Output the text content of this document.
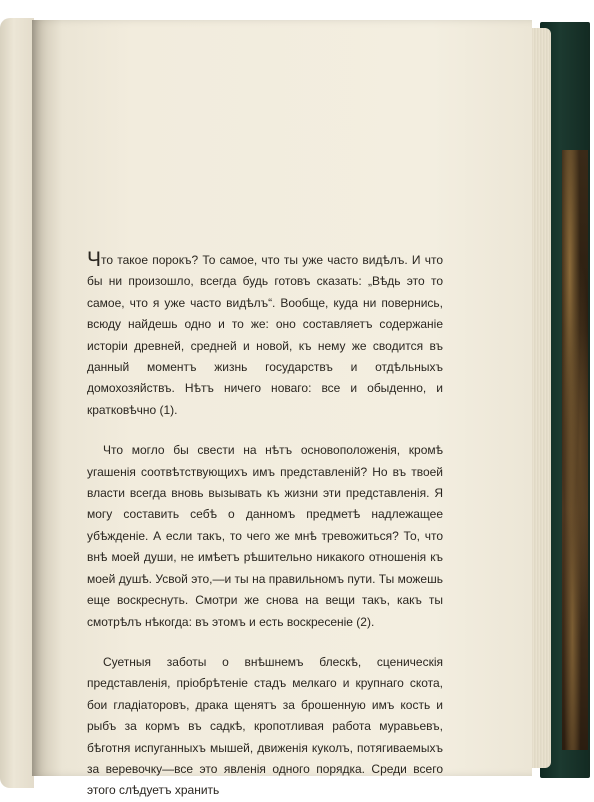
Что такое порокъ? То самое, что ты уже часто видѣлъ. И что бы ни произошло, всегда будь готовъ сказать: „Вѣдь это то самое, что я уже часто видѣлъ“. Вообще, куда ни повернись, всюду найдешь одно и то же: оно составляетъ содержаніе исторіи древней, средней и новой, къ нему же сводится въ данный моментъ жизнь государствъ и отдѣльныхъ домохозяйствъ. Нѣтъ ничего новаго: все и обыденно, и кратковѣчно (1).

Что могло бы свести на нѣтъ основоположенія, кромѣ угашенія соотвѣтствующихъ имъ представленій? Но въ твоей власти всегда вновь вызывать къ жизни эти представленія. Я могу составить себѣ о данномъ предметѣ надлежащее убѣжденіе. А если такъ, то чего же мнѣ тревожиться? То, что внѣ моей души, не имѣетъ рѣшительно никакого отношенія къ моей душѣ. Усвой это,—и ты на правильномъ пути. Ты можешь еще воскреснуть. Смотри же снова на вещи такъ, какъ ты смотрѣлъ нѣкогда: въ этомъ и есть воскресеніе (2).

Суетныя заботы о внѣшнемъ блескѣ, сценическія представленія, пріобрѣтеніе стадъ мелкаго и крупнаго скота, бои гладіаторовъ, драка щенятъ за брошенную имъ кость и рыбъ за кормъ въ садкѣ, кропотливая работа муравьевъ, бѣготня испуганныхъ мышей, движенія куколъ, потягиваемыхъ за веревочку—все это явленія одного порядка. Среди всего этого слѣдуетъ хранить
